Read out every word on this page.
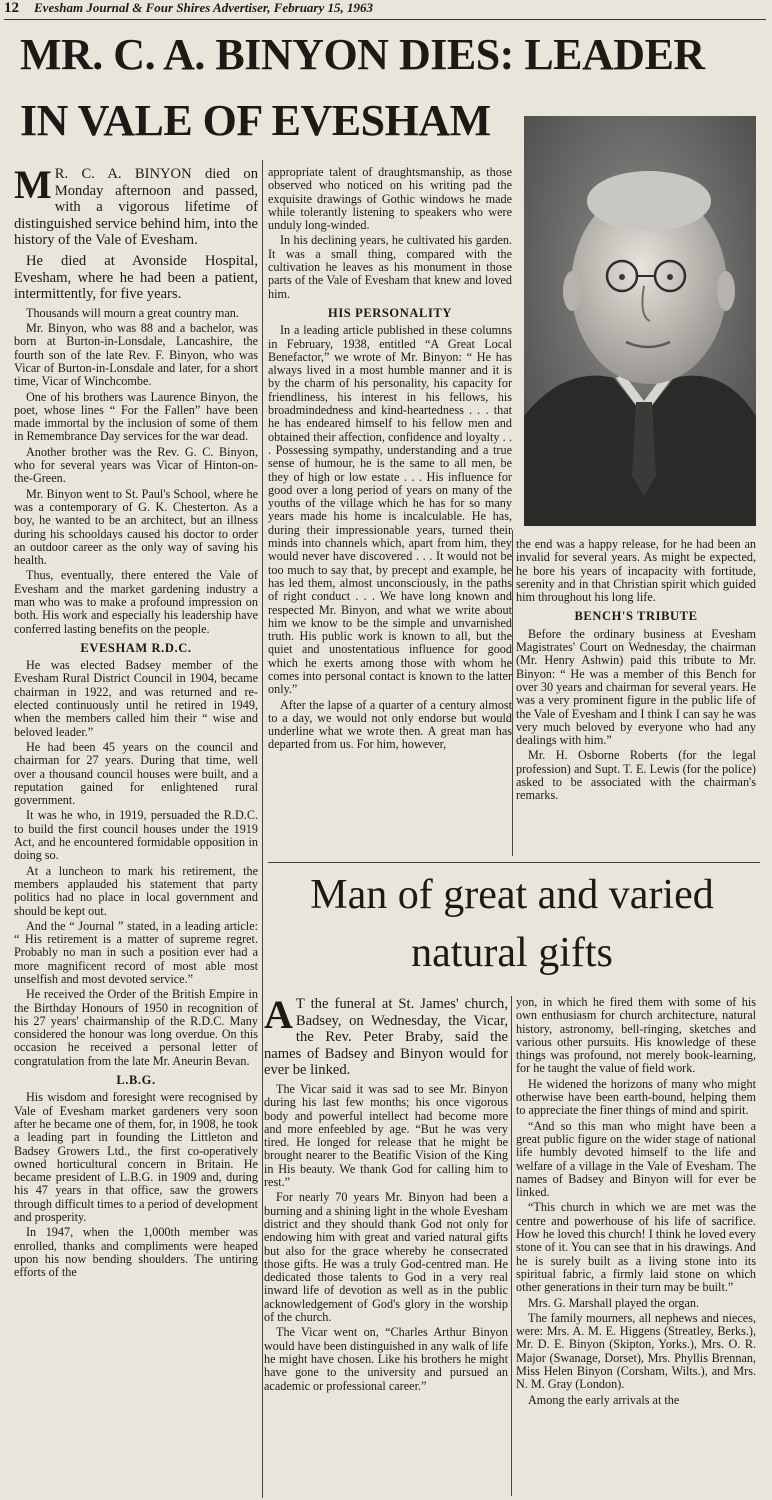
12 Evesham Journal & Four Shires Advertiser, February 15, 1963
MR. C. A. BINYON DIES: LEADER
IN VALE OF EVESHAM

M R. C. A. BINYON died on Monday afternoon and passed, with a vigorous lifetime of distinguished service behind him, into the history of the Vale of Evesham.

He died at Avonside Hospital, Evesham, where he had been a patient, intermittently, for five years.

Thousands will mourn a great country man.

Mr. Binyon, who was 88 and a bachelor, was born at Burton-in-Lonsdale, Lancashire, the fourth son of the late Rev. F. Binyon, who was Vicar of Burton-in-Lonsdale and later, for a short time, Vicar of Winchcombe.

One of his brothers was Laurence Binyon, the poet, whose lines “ For the Fallen” have been made immortal by the inclusion of some of them in Remembrance Day services for the war dead.

Another brother was the Rev. G. C. Binyon, who for several years was Vicar of Hinton-on-the-Green.

Mr. Binyon went to St. Paul's School, where he was a contemporary of G. K. Chesterton. As a boy, he wanted to be an architect, but an illness during his schooldays caused his doctor to order an outdoor career as the only way of saving his health.

Thus, eventually, there entered the Vale of Evesham and the market gardening industry a man who was to make a profound impression on both. His work and especially his leadership have conferred lasting benefits on the people.

EVESHAM R.D.C.

He was elected Badsey member of the Evesham Rural District Council in 1904, became chairman in 1922, and was returned and re-elected continuously until he retired in 1949, when the members called him their “ wise and beloved leader.”

He had been 45 years on the council and chairman for 27 years. During that time, well over a thousand council houses were built, and a reputation gained for enlightened rural government.

It was he who, in 1919, persuaded the R.D.C. to build the first council houses under the 1919 Act, and he encountered formidable opposition in doing so.

At a luncheon to mark his retirement, the members applauded his statement that party politics had no place in local government and should be kept out.

And the “ Journal ” stated, in a leading article: “ His retirement is a matter of supreme regret. Probably no man in such a position ever had a more magnificent record of most able most unselfish and most devoted service.”

He received the Order of the British Empire in the Birthday Honours of 1950 in recognition of his 27 years' chairmanship of the R.D.C. Many considered the honour was long overdue. On this occasion he received a personal letter of congratulation from the late Mr. Aneurin Bevan.

L.B.G.

His wisdom and foresight were recognised by Vale of Evesham market gardeners very soon after he became one of them, for, in 1908, he took a leading part in founding the Littleton and Badsey Growers Ltd., the first co-operatively owned horticultural concern in Britain. He became president of L.B.G. in 1909 and, during his 47 years in that office, saw the growers through difficult times to a period of development and prosperity.

In 1947, when the 1,000th member was enrolled, thanks and compliments were heaped upon his now bending shoulders. The untiring efforts of the

appropriate talent of draughtsmanship, as those observed who noticed on his writing pad the exquisite drawings of Gothic windows he made while tolerantly listening to speakers who were unduly long-winded.

In his declining years, he cultivated his garden. It was a small thing, compared with the cultivation he leaves as his monument in those parts of the Vale of Evesham that knew and loved him.

HIS PERSONALITY

In a leading article published in these columns in February, 1938, entitled “A Great Local Benefactor,” we wrote of Mr. Binyon: “ He has always lived in a most humble manner and it is by the charm of his personality, his capacity for friendliness, his interest in his fellows, his broadmindedness and kind-heartedness . . . that he has endeared himself to his fellow men and obtained their affection, confidence and loyalty . . . Possessing sympathy, understanding and a true sense of humour, he is the same to all men, be they of high or low estate . . . His influence for good over a long period of years on many of the youths of the village which he has for so many years made his home is incalculable. He has, during their impressionable years, turned their minds into channels which, apart from him, they would never have discovered . . . It would not be too much to say that, by precept and example, he has led them, almost unconsciously, in the paths of right conduct . . . We have long known and respected Mr. Binyon, and what we write about him we know to be the simple and unvarnished truth. His public work is known to all, but the quiet and unostentatious influence for good which he exerts among those with whom he comes into personal contact is known to the latter only.”

After the lapse of a quarter of a century almost to a day, we would not only endorse but would underline what we wrote then. A great man has departed from us. For him, however,

the end was a happy release, for he had been an invalid for several years. As might be expected, he bore his years of incapacity with fortitude, serenity and in that Christian spirit which guided him throughout his long life.

BENCH'S TRIBUTE

Before the ordinary business at Evesham Magistrates' Court on Wednesday, the chairman (Mr. Henry Ashwin) paid this tribute to Mr. Binyon: “ He was a member of this Bench for over 30 years and chairman for several years. He was a very prominent figure in the public life of the Vale of Evesham and I think I can say he was very much beloved by everyone who had any dealings with him.”

Mr. H. Osborne Roberts (for the legal profession) and Supt. T. E. Lewis (for the police) asked to be associated with the chairman's remarks.

Man of great and varied
natural gifts

A T the funeral at St. James' church, Badsey, on Wednesday, the Vicar, the Rev. Peter Braby, said the names of Badsey and Binyon would for ever be linked.

The Vicar said it was sad to see Mr. Binyon during his last few months; his once vigorous body and powerful intellect had become more and more enfeebled by age. “But he was very tired. He longed for release that he might be brought nearer to the Beatific Vision of the King in His beauty. We thank God for calling him to rest.”

For nearly 70 years Mr. Binyon had been a burning and a shining light in the whole Evesham district and they should thank God not only for endowing him with great and varied natural gifts but also for the grace whereby he consecrated those gifts. He was a truly God-centred man. He dedicated those talents to God in a very real inward life of devotion as well as in the public acknowledgement of God's glory in the worship of the church.

The Vicar went on, “Charles Arthur Binyon would have been distinguished in any walk of life he might have chosen. Like his brothers he might have gone to the university and pursued an academic or professional career.”

yon, in which he fired them with some of his own enthusiasm for church architecture, natural history, astronomy, bell-ringing, sketches and various other pursuits. His knowledge of these things was profound, not merely book-learning, for he taught the value of field work.

He widened the horizons of many who might otherwise have been earth-bound, helping them to appreciate the finer things of mind and spirit.

“And so this man who might have been a great public figure on the wider stage of national life humbly devoted himself to the life and welfare of a village in the Vale of Evesham. The names of Badsey and Binyon will for ever be linked.

“This church in which we are met was the centre and powerhouse of his life of sacrifice. How he loved this church! I think he loved every stone of it. You can see that in his drawings. And he is surely built as a living stone into its spiritual fabric, a firmly laid stone on which other generations in their turn may be built.”

Mrs. G. Marshall played the organ.

The family mourners, all nephews and nieces, were: Mrs. A. M. E. Higgens (Streatley, Berks.), Mr. D. E. Binyon (Skipton, Yorks.), Mrs. O. R. Major (Swanage, Dorset), Mrs. Phyllis Brennan, Miss Helen Binyon (Corsham, Wilts.), and Mrs. N. M. Gray (London).

Among the early arrivals at the
